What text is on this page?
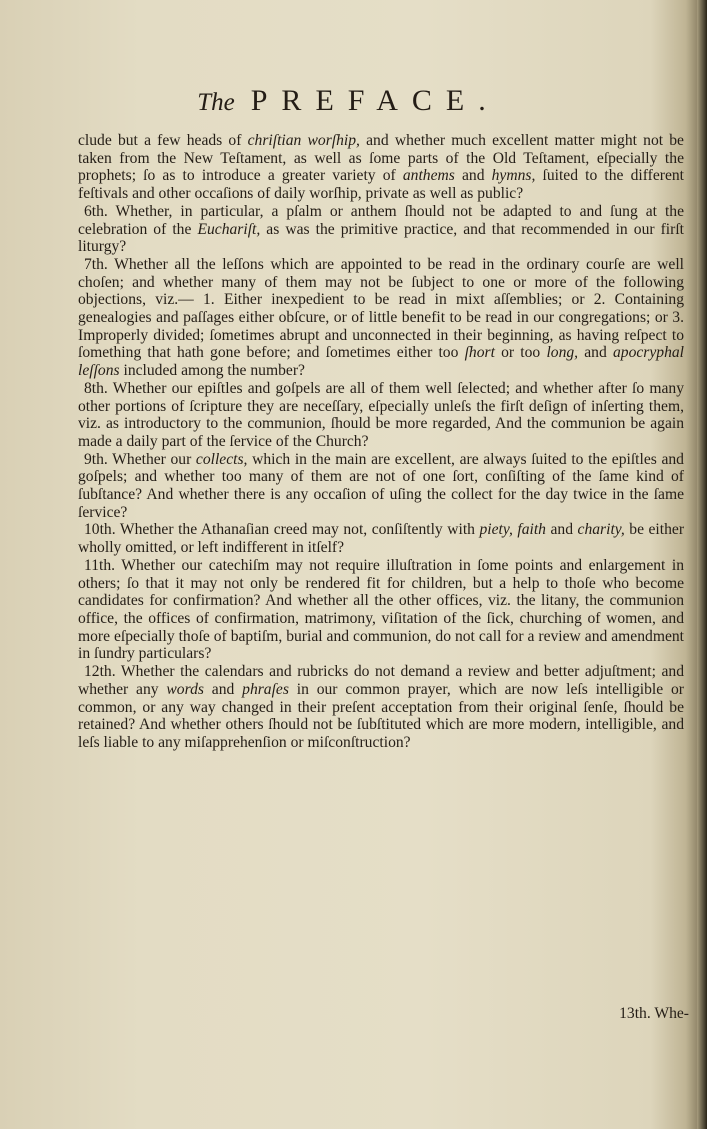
The PREFACE.

clude but a few heads of chriſtian worſhip, and whether much excellent matter might not be taken from the New Teſtament, as well as ſome parts of the Old Teſtament, eſpecially the prophets; ſo as to introduce a greater variety of anthems and hymns, ſuited to the different feſtivals and other occaſions of daily worſhip, private as well as public?

6th. Whether, in particular, a pſalm or anthem ſhould not be adapted to and ſung at the celebration of the Euchariſt, as was the primitive practice, and that recommended in our firſt liturgy?

7th. Whether all the leſſons which are appointed to be read in the ordinary courſe are well choſen; and whether many of them may not be ſubject to one or more of the following objections, viz.— 1. Either inexpedient to be read in mixt aſſemblies; or 2. Containing genealogies and paſſages either obſcure, or of little benefit to be read in our congregations; or 3. Improperly divided; ſometimes abrupt and unconnected in their beginning, as having reſpect to ſomething that hath gone before; and ſometimes either too ſhort or too long, and apocryphal leſſons included among the number?

8th. Whether our epiſtles and goſpels are all of them well ſelected; and whether after ſo many other portions of ſcripture they are neceſſary, eſpecially unleſs the firſt deſign of inſerting them, viz. as introductory to the communion, ſhould be more regarded, And the communion be again made a daily part of the ſervice of the Church?

9th. Whether our collects, which in the main are excellent, are always ſuited to the epiſtles and goſpels; and whether too many of them are not of one ſort, conſiſting of the ſame kind of ſubſtance? And whether there is any occaſion of uſing the collect for the day twice in the ſame ſervice?

10th. Whether the Athanaſian creed may not, conſiſtently with piety, faith and charity, be either wholly omitted, or left indifferent in itſelf?

11th. Whether our catechiſm may not require illuſtration in ſome points and enlargement in others; ſo that it may not only be rendered fit for children, but a help to thoſe who become candidates for confirmation? And whether all the other offices, viz. the litany, the communion office, the offices of confirmation, matrimony, viſitation of the ſick, churching of women, and more eſpecially thoſe of baptiſm, burial and communion, do not call for a review and amendment in ſundry particulars?

12th. Whether the calendars and rubricks do not demand a review and better adjuſtment; and whether any words and phraſes in our common prayer, which are now leſs intelligible or common, or any way changed in their preſent acceptation from their original ſenſe, ſhould be retained? And whether others ſhould not be ſubſtituted which are more modern, intelligible, and leſs liable to any miſapprehenſion or miſconſtruction?

13th. Whe-
